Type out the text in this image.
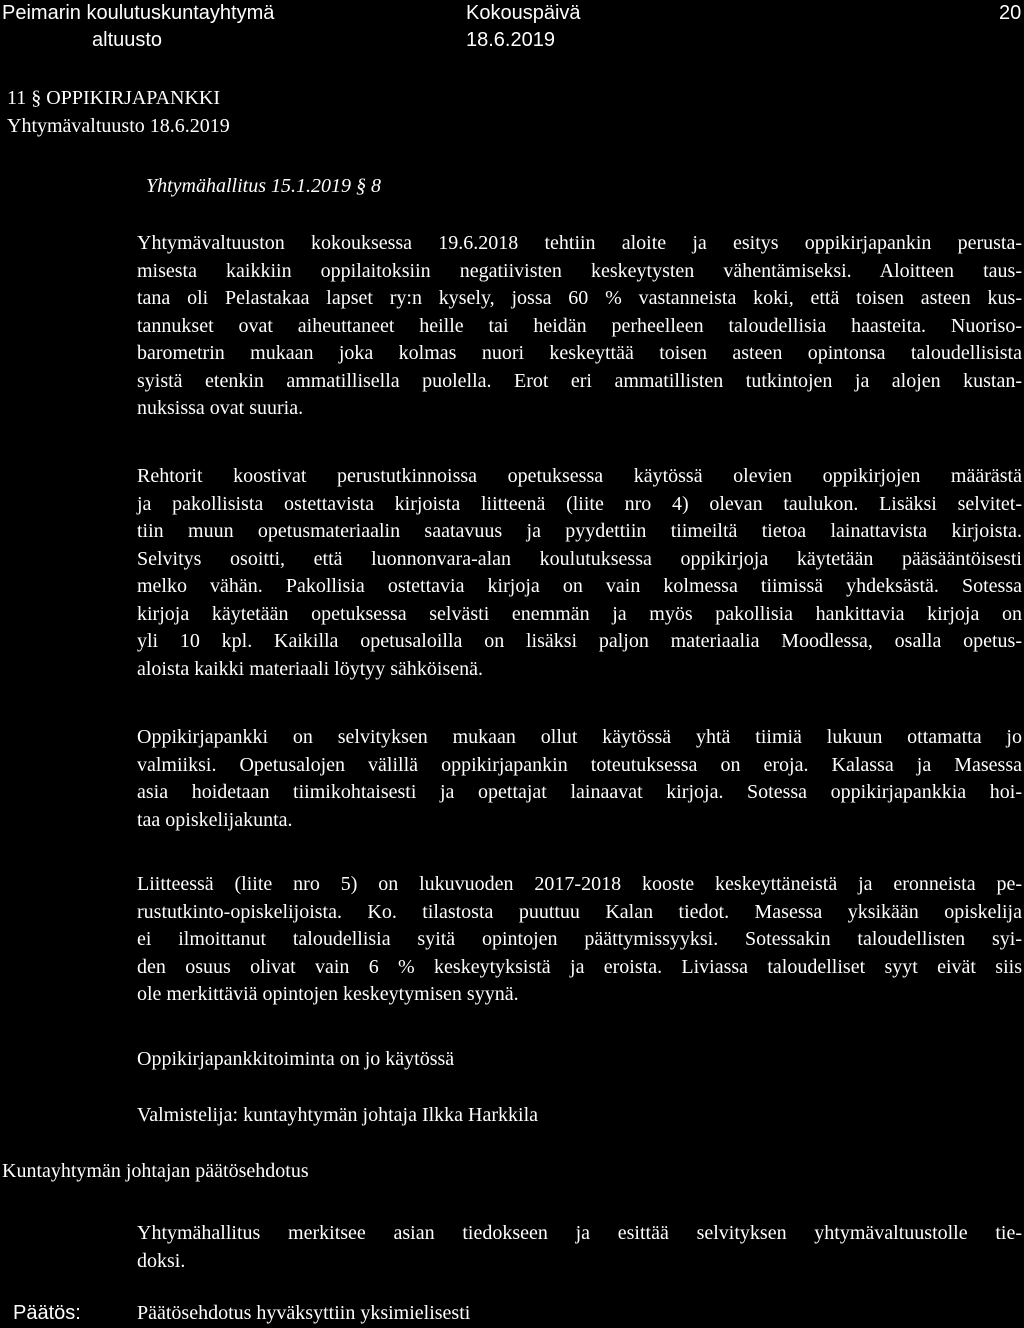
Peimarin koulutuskuntayhtymä
altuusto
Kokouspäivä
18.6.2019
20
11 § OPPIKIRJAPANKKI
Yhtymävaltuusto 18.6.2019
Yhtymähallitus 15.1.2019 § 8
Yhtymävaltuuston kokouksessa 19.6.2018 tehtiin aloite ja esitys oppikirjapankin perusta-
misesta kaikkiin oppilaitoksiin negatiivisten keskeytysten vähentämiseksi. Aloitteen taus-
tana oli Pelastakaa lapset ry:n kysely, jossa 60 % vastanneista koki, että toisen asteen kus-
tannukset ovat aiheuttaneet heille tai heidän perheelleen taloudellisia haasteita. Nuoriso-
barometrin mukaan joka kolmas nuori keskeyttää toisen asteen opintonsa taloudellisista
syistä etenkin ammatillisella puolella. Erot eri ammatillisten tutkintojen ja alojen kustan-
nuksissa ovat suuria.
Rehtorit koostivat perustutkinnoissa opetuksessa käytössä olevien oppikirjojen määrästä
ja pakollisista ostettavista kirjoista liitteenä (liite nro 4) olevan taulukon. Lisäksi selvitet-
tiin muun opetusmateriaalin saatavuus ja pyydettiin tiimeiltä tietoa lainattavista kirjoista.
Selvitys osoitti, että luonnonvara-alan koulutuksessa oppikirjoja käytetään pääsääntöisesti
melko vähän. Pakollisia ostettavia kirjoja on vain kolmessa tiimissä yhdeksästä. Sotessa
kirjoja käytetään opetuksessa selvästi enemmän ja myös pakollisia hankittavia kirjoja on
yli 10 kpl. Kaikilla opetusaloilla on lisäksi paljon materiaalia Moodlessa, osalla opetus-
aloista kaikki materiaali löytyy sähköisenä.
Oppikirjapankki on selvityksen mukaan ollut käytössä yhtä tiimiä lukuun ottamatta jo
valmiiksi. Opetusalojen välillä oppikirjapankin toteutuksessa on eroja. Kalassa ja Masessa
asia hoidetaan tiimikohtaisesti ja opettajat lainaavat kirjoja. Sotessa oppikirjapankkia hoi-
taa opiskelijakunta.
Liitteessä (liite nro 5) on lukuvuoden 2017-2018 kooste keskeyttäneistä ja eronneista pe-
rustutkinto-opiskelijoista. Ko. tilastosta puuttuu Kalan tiedot. Masessa yksikään opiskelija
ei ilmoittanut taloudellisia syitä opintojen päättymissyyksi. Sotessakin taloudellisten syi-
den osuus olivat vain 6 % keskeytyksistä ja eroista. Liviassa taloudelliset syyt eivät siis
ole merkittäviä opintojen keskeytymisen syynä.
Oppikirjapankkitoiminta on jo käytössä
Valmistelija: kuntayhtymän johtaja Ilkka Harkkila
Kuntayhtymän johtajan päätösehdotus
Yhtymähallitus merkitsee asian tiedokseen ja esittää selvityksen yhtymävaltuustolle tie-
doksi.
Päätös:	Päätösehdotus hyväksyttiin yksimielisesti
